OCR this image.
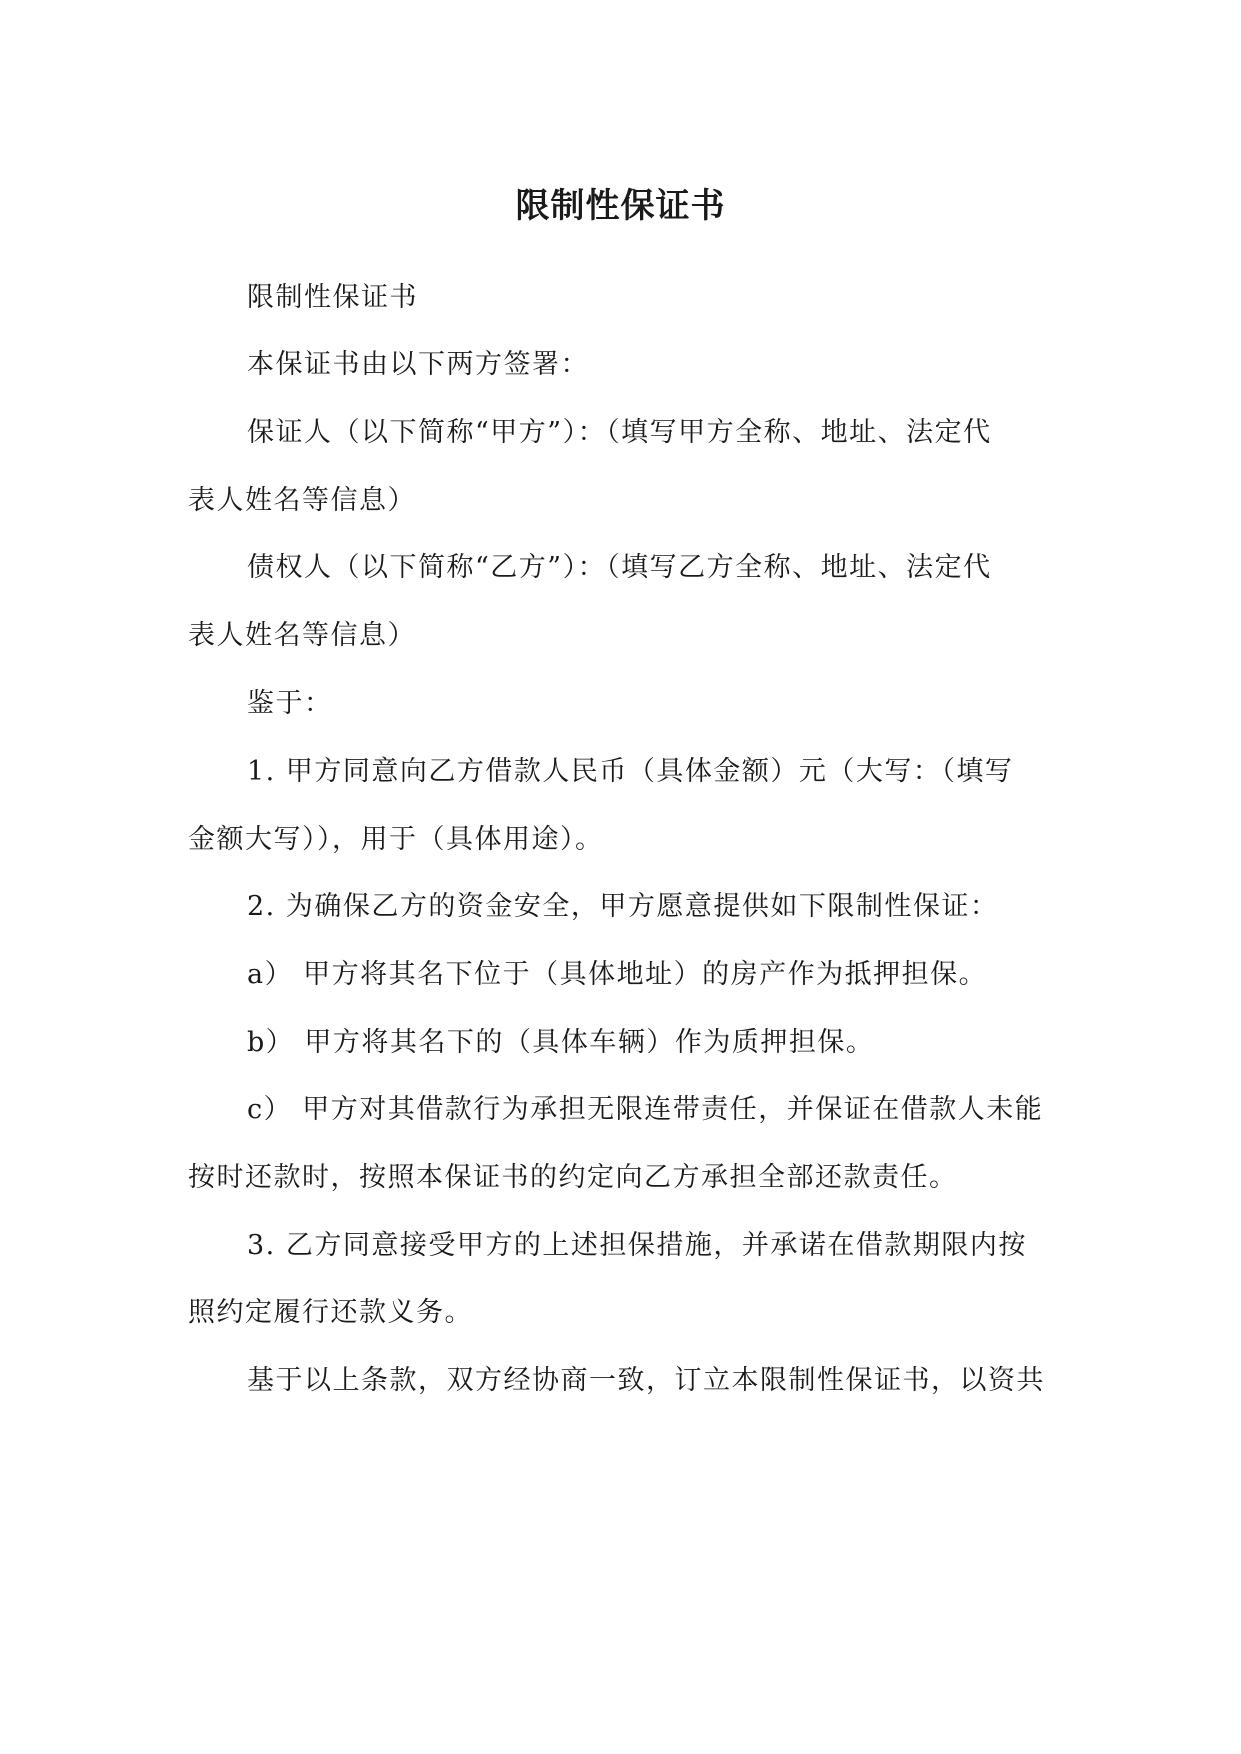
限制性保证书
限制性保证书
本保证书由以下两方签署：
保证人（以下简称“甲方”）：（填写甲方全称、地址、法定代
表人姓名等信息）
债权人（以下简称“乙方”）：（填写乙方全称、地址、法定代
表人姓名等信息）
鉴于：
1. 甲方同意向乙方借款人民币（具体金额）元（大写：（填写
金额大写）），用于（具体用途）。
2. 为确保乙方的资金安全，甲方愿意提供如下限制性保证：
a） 甲方将其名下位于（具体地址）的房产作为抵押担保。
b） 甲方将其名下的（具体车辆）作为质押担保。
c） 甲方对其借款行为承担无限连带责任，并保证在借款人未能
按时还款时，按照本保证书的约定向乙方承担全部还款责任。
3. 乙方同意接受甲方的上述担保措施，并承诺在借款期限内按
照约定履行还款义务。
基于以上条款，双方经协商一致，订立本限制性保证书，以资共
